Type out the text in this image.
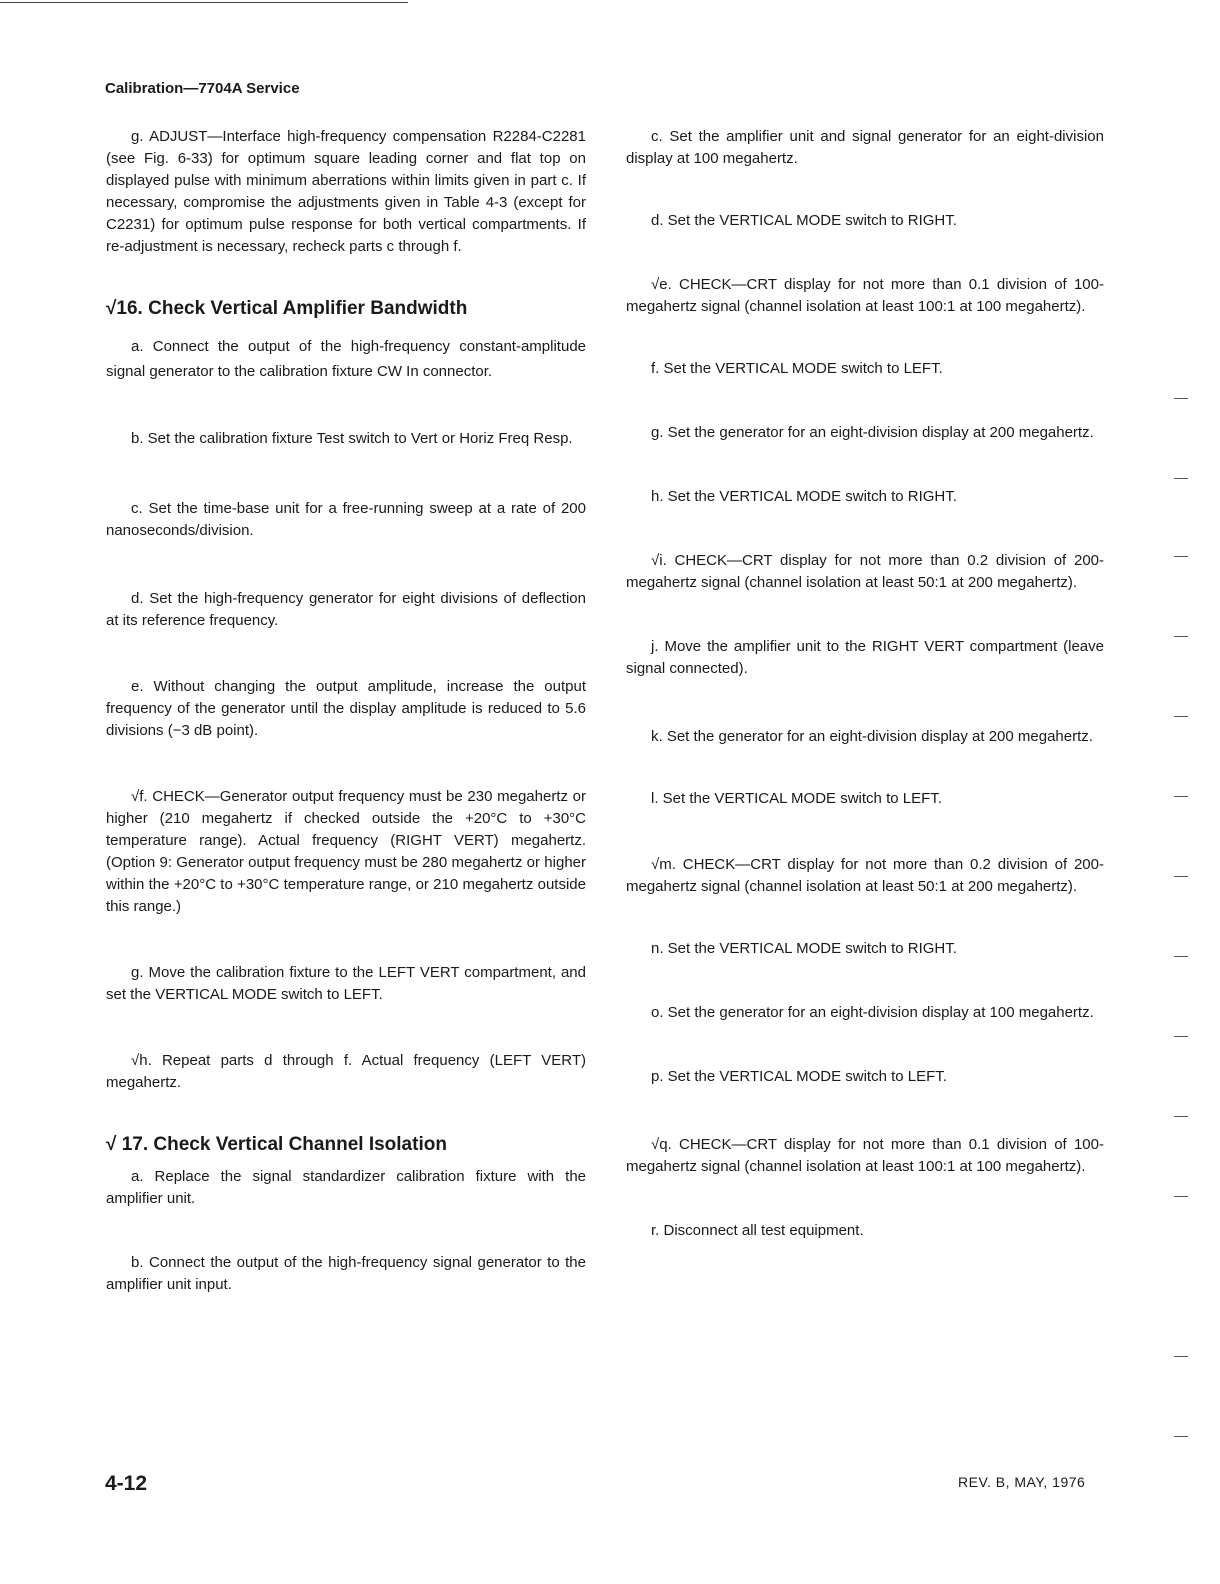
Calibration—7704A Service

g. ADJUST—Interface high-frequency compensation R2284-C2281 (see Fig. 6-33) for optimum square leading corner and flat top on displayed pulse with minimum aberrations within limits given in part c. If necessary, compromise the adjustments given in Table 4-3 (except for C2231) for optimum pulse response for both vertical compartments. If re-adjustment is necessary, recheck parts c through f.

√16. Check Vertical Amplifier Bandwidth

a. Connect the output of the high-frequency constant-amplitude signal generator to the calibration fixture CW In connector.

b. Set the calibration fixture Test switch to Vert or Horiz Freq Resp.

c. Set the time-base unit for a free-running sweep at a rate of 200 nanoseconds/division.

d. Set the high-frequency generator for eight divisions of deflection at its reference frequency.

e. Without changing the output amplitude, increase the output frequency of the generator until the display amplitude is reduced to 5.6 divisions (−3 dB point).

√f. CHECK—Generator output frequency must be 230 megahertz or higher (210 megahertz if checked outside the +20°C to +30°C temperature range). Actual frequency (RIGHT VERT) megahertz. (Option 9: Generator output frequency must be 280 megahertz or higher within the +20°C to +30°C temperature range, or 210 megahertz outside this range.)

g. Move the calibration fixture to the LEFT VERT compartment, and set the VERTICAL MODE switch to LEFT.

√h. Repeat parts d through f. Actual frequency (LEFT VERT) megahertz.

√ 17. Check Vertical Channel Isolation

a. Replace the signal standardizer calibration fixture with the amplifier unit.

b. Connect the output of the high-frequency signal generator to the amplifier unit input.

c. Set the amplifier unit and signal generator for an eight-division display at 100 megahertz.

d. Set the VERTICAL MODE switch to RIGHT.

√e. CHECK—CRT display for not more than 0.1 division of 100-megahertz signal (channel isolation at least 100:1 at 100 megahertz).

f. Set the VERTICAL MODE switch to LEFT.

g. Set the generator for an eight-division display at 200 megahertz.

h. Set the VERTICAL MODE switch to RIGHT.

√i. CHECK—CRT display for not more than 0.2 division of 200-megahertz signal (channel isolation at least 50:1 at 200 megahertz).

j. Move the amplifier unit to the RIGHT VERT compartment (leave signal connected).

k. Set the generator for an eight-division display at 200 megahertz.

l. Set the VERTICAL MODE switch to LEFT.

√m. CHECK—CRT display for not more than 0.2 division of 200-megahertz signal (channel isolation at least 50:1 at 200 megahertz).

n. Set the VERTICAL MODE switch to RIGHT.

o. Set the generator for an eight-division display at 100 megahertz.

p. Set the VERTICAL MODE switch to LEFT.

√q. CHECK—CRT display for not more than 0.1 division of 100-megahertz signal (channel isolation at least 100:1 at 100 megahertz).

r. Disconnect all test equipment.

4-12	REV. B, MAY, 1976
